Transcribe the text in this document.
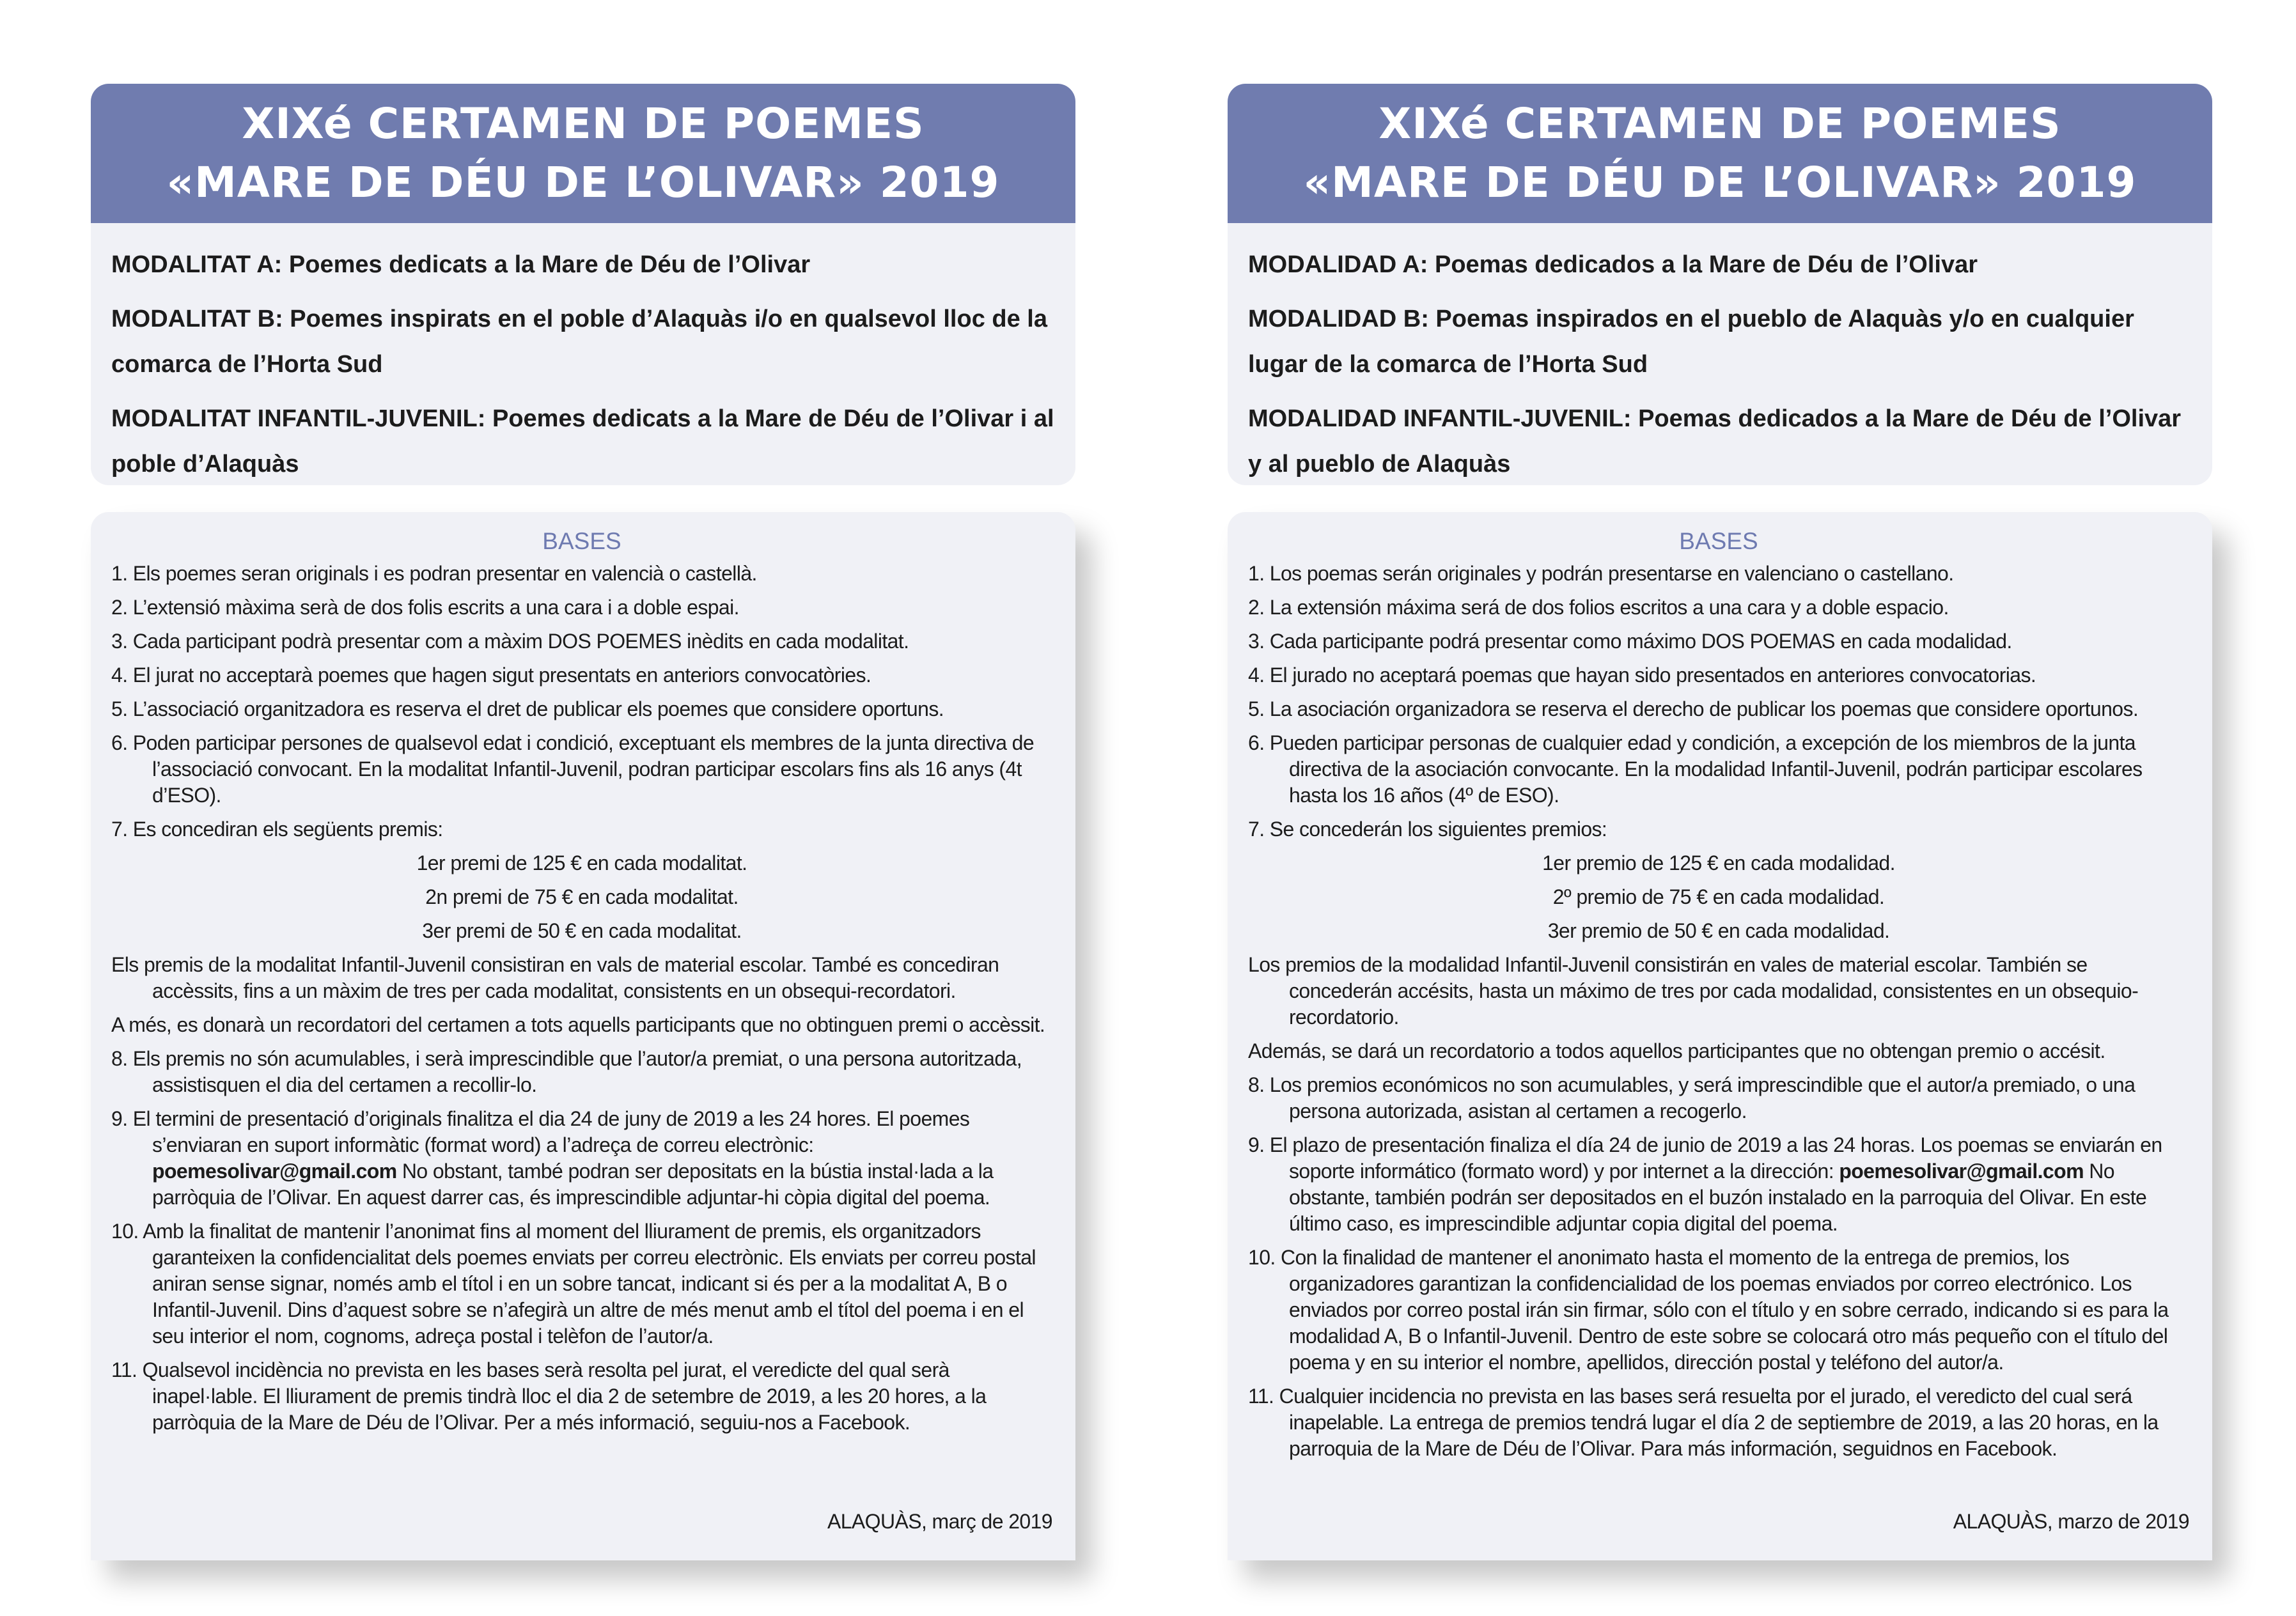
XIXé CERTAMEN DE POEMES
«MARE DE DÉU DE L’OLIVAR» 2019

MODALITAT A: Poemes dedicats a la Mare de Déu de l’Olivar

MODALITAT B: Poemes inspirats en el poble d’Alaquàs i/o en qualsevol lloc de la comarca de l’Horta Sud

MODALITAT INFANTIL-JUVENIL: Poemes dedicats a la Mare de Déu de l’Olivar i al poble d’Alaquàs

BASES
1. Els poemes seran originals i es podran presentar en valencià o castellà.
2. L’extensió màxima serà de dos folis escrits a una cara i a doble espai.
3. Cada participant podrà presentar com a màxim DOS POEMES inèdits en cada modalitat.
4. El jurat no acceptarà poemes que hagen sigut presentats en anteriors convocatòries.
5. L’associació organitzadora es reserva el dret de publicar els poemes que considere oportuns.
6. Poden participar persones de qualsevol edat i condició, exceptuant els membres de la junta directiva de l’associació convocant. En la modalitat Infantil-Juvenil, podran participar escolars fins als 16 anys (4t d’ESO).
7. Es concediran els següents premis:
1er premi de 125 € en cada modalitat.
2n premi de 75 € en cada modalitat.
3er premi de 50 € en cada modalitat.
Els premis de la modalitat Infantil-Juvenil consistiran en vals de material escolar. També es concediran accèssits, fins a un màxim de tres per cada modalitat, consistents en un obsequi-recordatori.
A més, es donarà un recordatori del certamen a tots aquells participants que no obtinguen premi o accèssit.
8. Els premis no són acumulables, i serà imprescindible que l’autor/a premiat, o una persona autoritzada, assistisquen el dia del certamen a recollir-lo.
9. El termini de presentació d’originals finalitza el dia 24 de juny de 2019 a les 24 hores. El poemes s’enviaran en suport informàtic (format word) a l’adreça de correu electrònic: poemesolivar@gmail.com No obstant, també podran ser depositats en la bústia instal·lada a la parròquia de l’Olivar. En aquest darrer cas, és imprescindible adjuntar-hi còpia digital del poema.
10. Amb la finalitat de mantenir l’anonimat fins al moment del lliurament de premis, els organitzadors garanteixen la confidencialitat dels poemes enviats per correu electrònic. Els enviats per correu postal aniran sense signar, només amb el títol i en un sobre tancat, indicant si és per a la modalitat A, B o Infantil-Juvenil. Dins d’aquest sobre se n’afegirà un altre de més menut amb el títol del poema i en el seu interior el nom, cognoms, adreça postal i telèfon de l’autor/a.
11. Qualsevol incidència no prevista en les bases serà resolta pel jurat, el veredicte del qual serà inapel·lable. El lliurament de premis tindrà lloc el dia 2 de setembre de 2019, a les 20 hores, a la parròquia de la Mare de Déu de l’Olivar. Per a més informació, seguiu-nos a Facebook.
ALAQUÀS, març de 2019
XIXé CERTAMEN DE POEMES
«MARE DE DÉU DE L’OLIVAR» 2019

MODALIDAD A: Poemas dedicados a la Mare de Déu de l’Olivar

MODALIDAD B: Poemas inspirados en el pueblo de Alaquàs y/o en cualquier lugar de la comarca de l’Horta Sud

MODALIDAD INFANTIL-JUVENIL: Poemas dedicados a la Mare de Déu de l’Olivar y al pueblo de Alaquàs

BASES
1. Los poemas serán originales y podrán presentarse en valenciano o castellano.
2. La extensión máxima será de dos folios escritos a una cara y a doble espacio.
3. Cada participante podrá presentar como máximo DOS POEMAS en cada modalidad.
4. El jurado no aceptará poemas que hayan sido presentados en anteriores convocatorias.
5. La asociación organizadora se reserva el derecho de publicar los poemas que considere oportunos.
6. Pueden participar personas de cualquier edad y condición, a excepción de los miembros de la junta directiva de la asociación convocante. En la modalidad Infantil-Juvenil, podrán participar escolares hasta los 16 años (4º de ESO).
7. Se concederán los siguientes premios:
1er premio de 125 € en cada modalidad.
2º premio de 75 € en cada modalidad.
3er premio de 50 € en cada modalidad.
Los premios de la modalidad Infantil-Juvenil consistirán en vales de material escolar. También se concederán accésits, hasta un máximo de tres por cada modalidad, consistentes en un obsequio-recordatorio.
Además, se dará un recordatorio a todos aquellos participantes que no obtengan premio o accésit.
8. Los premios económicos no son acumulables, y será imprescindible que el autor/a premiado, o una persona autorizada, asistan al certamen a recogerlo.
9. El plazo de presentación finaliza el día 24 de junio de 2019 a las 24 horas. Los poemas se enviarán en soporte informático (formato word) y por internet a la dirección: poemesolivar@gmail.com No obstante, también podrán ser depositados en el buzón instalado en la parroquia del Olivar. En este último caso, es imprescindible adjuntar copia digital del poema.
10. Con la finalidad de mantener el anonimato hasta el momento de la entrega de premios, los organizadores garantizan la confidencialidad de los poemas enviados por correo electrónico. Los enviados por correo postal irán sin firmar, sólo con el título y en sobre cerrado, indicando si es para la modalidad A, B o Infantil-Juvenil. Dentro de este sobre se colocará otro más pequeño con el título del poema y en su interior el nombre, apellidos, dirección postal y teléfono del autor/a.
11. Cualquier incidencia no prevista en las bases será resuelta por el jurado, el veredicto del cual será inapelable. La entrega de premios tendrá lugar el día 2 de septiembre de 2019, a las 20 horas, en la parroquia de la Mare de Déu de l’Olivar. Para más información, seguidnos en Facebook.
ALAQUÀS, marzo de 2019
